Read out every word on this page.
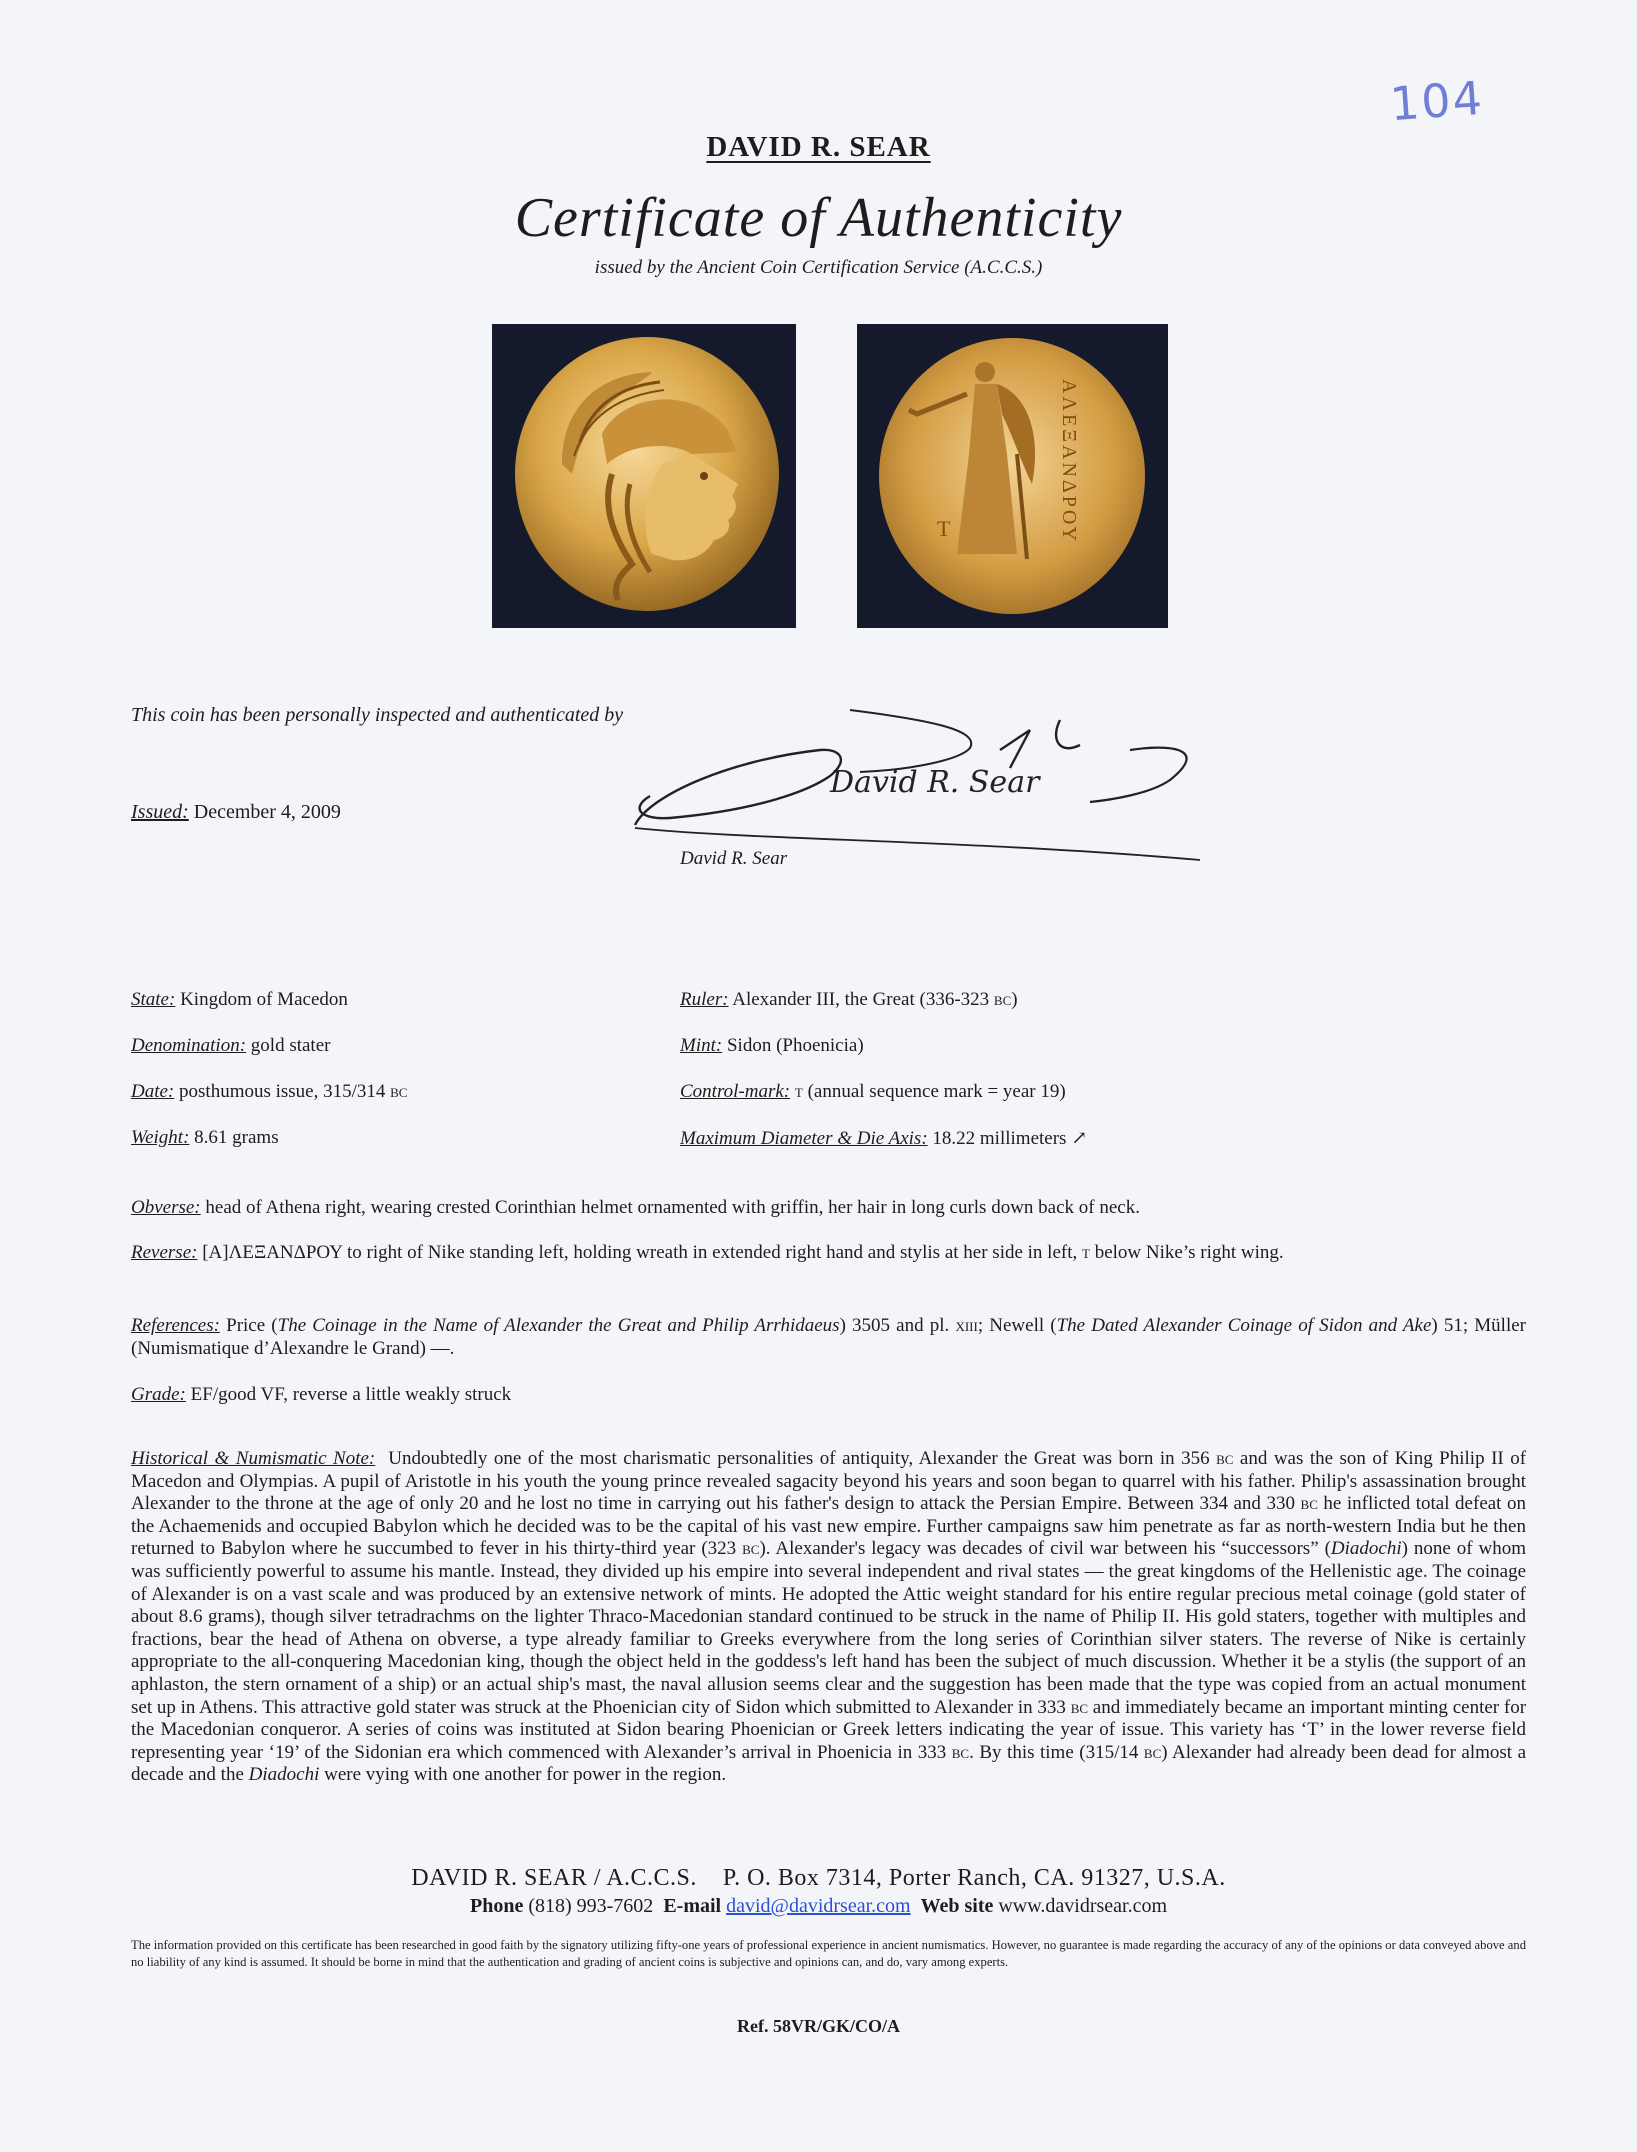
104
DAVID R. SEAR
Certificate of Authenticity
issued by the Ancient Coin Certification Service (A.C.C.S.)
T	ΑΛΕΞΑΝΔΡΟΥ
This coin has been personally inspected and authenticated by
Issued: December 4, 2009
David R. Sear
David R. Sear
State: Kingdom of Macedon
Denomination: gold stater
Date: posthumous issue, 315/314 bc
Weight: 8.61 grams
Ruler: Alexander III, the Great (336-323 bc)
Mint: Sidon (Phoenicia)
Control-mark: t (annual sequence mark = year 19)
Maximum Diameter & Die Axis: 18.22 millimeters ↗
Obverse: head of Athena right, wearing crested Corinthian helmet ornamented with griffin, her hair in long curls down back of neck.
Reverse: [Α]ΛΕΞΑΝΔΡΟΥ to right of Nike standing left, holding wreath in extended right hand and stylis at her side in left, t below Nike’s right wing.
References: Price (The Coinage in the Name of Alexander the Great and Philip Arrhidaeus) 3505 and pl. xiii; Newell (The Dated Alexander Coinage of Sidon and Ake) 51; Müller (Numismatique d’Alexandre le Grand) —.
Grade: EF/good VF, reverse a little weakly struck
Historical & Numismatic Note: Undoubtedly one of the most charismatic personalities of antiquity, Alexander the Great was born in 356 bc and was the son of King Philip II of Macedon and Olympias. A pupil of Aristotle in his youth the young prince revealed sagacity beyond his years and soon began to quarrel with his father. Philip's assassination brought Alexander to the throne at the age of only 20 and he lost no time in carrying out his father's design to attack the Persian Empire. Between 334 and 330 bc he inflicted total defeat on the Achaemenids and occupied Babylon which he decided was to be the capital of his vast new empire. Further campaigns saw him penetrate as far as north-western India but he then returned to Babylon where he succumbed to fever in his thirty-third year (323 bc). Alexander's legacy was decades of civil war between his “successors” (Diadochi) none of whom was sufficiently powerful to assume his mantle. Instead, they divided up his empire into several independent and rival states — the great kingdoms of the Hellenistic age. The coinage of Alexander is on a vast scale and was produced by an extensive network of mints. He adopted the Attic weight standard for his entire regular precious metal coinage (gold stater of about 8.6 grams), though silver tetradrachms on the lighter Thraco-Macedonian standard continued to be struck in the name of Philip II. His gold staters, together with multiples and fractions, bear the head of Athena on obverse, a type already familiar to Greeks everywhere from the long series of Corinthian silver staters. The reverse of Nike is certainly appropriate to the all-conquering Macedonian king, though the object held in the goddess's left hand has been the subject of much discussion. Whether it be a stylis (the support of an aphlaston, the stern ornament of a ship) or an actual ship's mast, the naval allusion seems clear and the suggestion has been made that the type was copied from an actual monument set up in Athens. This attractive gold stater was struck at the Phoenician city of Sidon which submitted to Alexander in 333 bc and immediately became an important minting center for the Macedonian conqueror. A series of coins was instituted at Sidon bearing Phoenician or Greek letters indicating the year of issue. This variety has ‘T’ in the lower reverse field representing year ‘19’ of the Sidonian era which commenced with Alexander’s arrival in Phoenicia in 333 bc. By this time (315/14 bc) Alexander had already been dead for almost a decade and the Diadochi were vying with one another for power in the region.
DAVID R. SEAR / A.C.C.S.    P. O. Box 7314, Porter Ranch, CA. 91327, U.S.A.
Phone (818) 993-7602 E-mail david@davidrsear.com Web site www.davidrsear.com
The information provided on this certificate has been researched in good faith by the signatory utilizing fifty-one years of professional experience in ancient numismatics. However, no guarantee is made regarding the accuracy of any of the opinions or data conveyed above and no liability of any kind is assumed. It should be borne in mind that the authentication and grading of ancient coins is subjective and opinions can, and do, vary among experts.
Ref. 58VR/GK/CO/A
